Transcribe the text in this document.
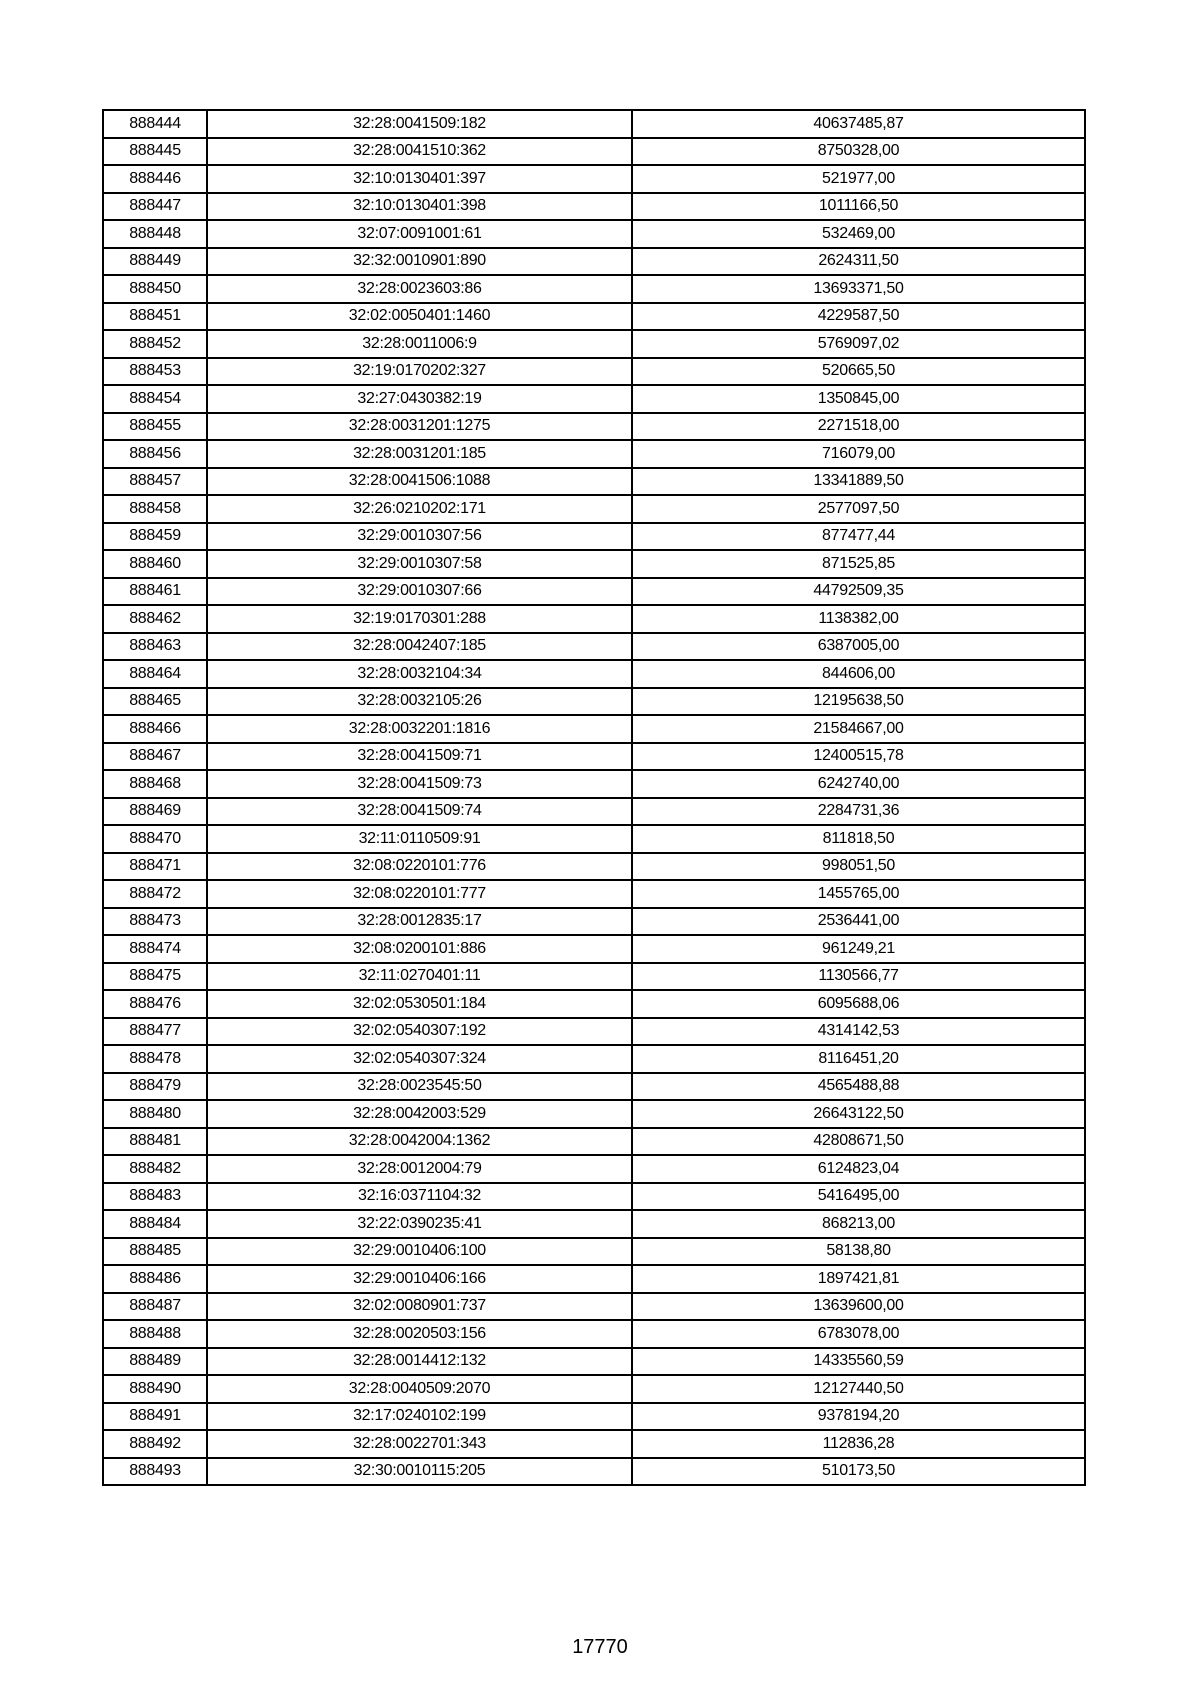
888444	32:28:0041509:182	40637485,87
888445	32:28:0041510:362	8750328,00
888446	32:10:0130401:397	521977,00
888447	32:10:0130401:398	1011166,50
888448	32:07:0091001:61	532469,00
888449	32:32:0010901:890	2624311,50
888450	32:28:0023603:86	13693371,50
888451	32:02:0050401:1460	4229587,50
888452	32:28:0011006:9	5769097,02
888453	32:19:0170202:327	520665,50
888454	32:27:0430382:19	1350845,00
888455	32:28:0031201:1275	2271518,00
888456	32:28:0031201:185	716079,00
888457	32:28:0041506:1088	13341889,50
888458	32:26:0210202:171	2577097,50
888459	32:29:0010307:56	877477,44
888460	32:29:0010307:58	871525,85
888461	32:29:0010307:66	44792509,35
888462	32:19:0170301:288	1138382,00
888463	32:28:0042407:185	6387005,00
888464	32:28:0032104:34	844606,00
888465	32:28:0032105:26	12195638,50
888466	32:28:0032201:1816	21584667,00
888467	32:28:0041509:71	12400515,78
888468	32:28:0041509:73	6242740,00
888469	32:28:0041509:74	2284731,36
888470	32:11:0110509:91	811818,50
888471	32:08:0220101:776	998051,50
888472	32:08:0220101:777	1455765,00
888473	32:28:0012835:17	2536441,00
888474	32:08:0200101:886	961249,21
888475	32:11:0270401:11	1130566,77
888476	32:02:0530501:184	6095688,06
888477	32:02:0540307:192	4314142,53
888478	32:02:0540307:324	8116451,20
888479	32:28:0023545:50	4565488,88
888480	32:28:0042003:529	26643122,50
888481	32:28:0042004:1362	42808671,50
888482	32:28:0012004:79	6124823,04
888483	32:16:0371104:32	5416495,00
888484	32:22:0390235:41	868213,00
888485	32:29:0010406:100	58138,80
888486	32:29:0010406:166	1897421,81
888487	32:02:0080901:737	13639600,00
888488	32:28:0020503:156	6783078,00
888489	32:28:0014412:132	14335560,59
888490	32:28:0040509:2070	12127440,50
888491	32:17:0240102:199	9378194,20
888492	32:28:0022701:343	112836,28
888493	32:30:0010115:205	510173,50
17770
